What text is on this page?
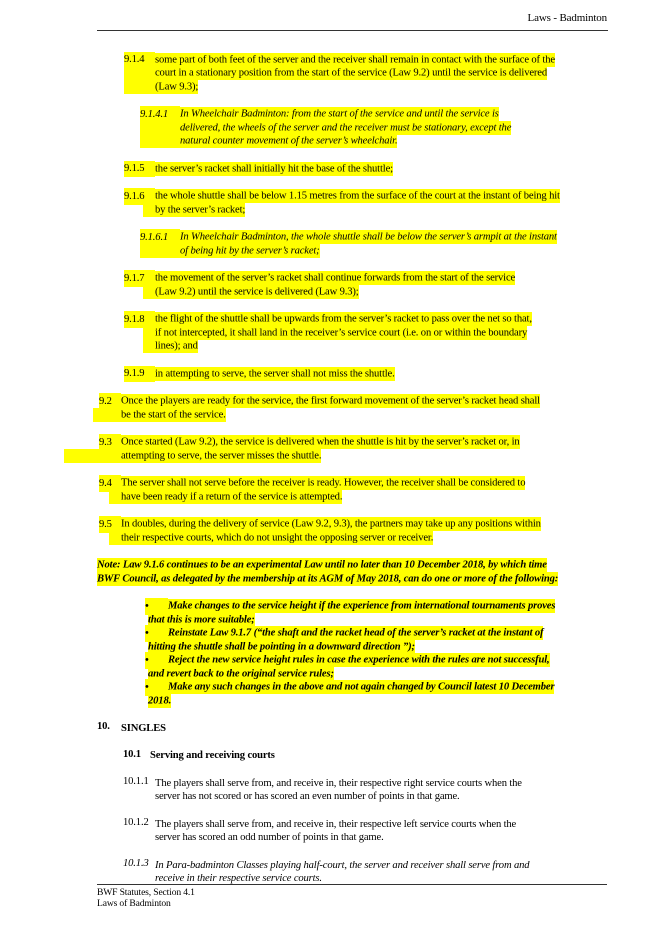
Laws - Badminton
9.1.4 some part of both feet of the server and the receiver shall remain in contact with the surface of the
court in a stationary position from the start of the service (Law 9.2) until the service is delivered
(Law 9.3);
9.1.4.1	In Wheelchair Badminton: from the start of the service and until the service is
delivered, the wheels of the server and the receiver must be stationary, except the
natural counter movement of the server’s wheelchair.
9.1.5 the server’s racket shall initially hit the base of the shuttle;
9.1.6 the whole shuttle shall be below 1.15 metres from the surface of the court at the instant of being hit
by the server’s racket;
9.1.6.1	In Wheelchair Badminton, the whole shuttle shall be below the server’s armpit at the instant
of being hit by the server’s racket;
9.1.7 the movement of the server’s racket shall continue forwards from the start of the service
(Law 9.2) until the service is delivered (Law 9.3);
9.1.8 the flight of the shuttle shall be upwards from the server’s racket to pass over the net so that,
if not intercepted, it shall land in the receiver’s service court (i.e. on or within the boundary
lines); and
9.1.9 in attempting to serve, the server shall not miss the shuttle.
9.2 Once the players are ready for the service, the first forward movement of the server’s racket head shall
be the start of the service.
9.3 Once started (Law 9.2), the service is delivered when the shuttle is hit by the server’s racket or, in
attempting to serve, the server misses the shuttle.
9.4 The server shall not serve before the receiver is ready. However, the receiver shall be considered to
have been ready if a return of the service is attempted.
9.5 In doubles, during the delivery of service (Law 9.2, 9.3), the partners may take up any positions within
their respective courts, which do not unsight the opposing server or receiver.
Note: Law 9.1.6 continues to be an experimental Law until no later than 10 December 2018, by which time
BWF Council, as delegated by the membership at its AGM of May 2018, can do one or more of the following:
•	Make changes to the service height if the experience from international tournaments proves
that this is more suitable;
•	Reinstate Law 9.1.7 (“the shaft and the racket head of the server’s racket at the instant of
hitting the shuttle shall be pointing in a downward direction ”);
•	Reject the new service height rules in case the experience with the rules are not successful,
and revert back to the original service rules;
•	Make any such changes in the above and not again changed by Council latest 10 December
2018.
10.	SINGLES
10.1 Serving and receiving courts
10.1.1 The players shall serve from, and receive in, their respective right service courts when the
server has not scored or has scored an even number of points in that game.
10.1.2 The players shall serve from, and receive in, their respective left service courts when the
server has scored an odd number of points in that game.
10.1.3 In Para-badminton Classes playing half-court, the server and receiver shall serve from and
receive in their respective service courts.
BWF Statutes, Section 4.1
Laws of Badminton
